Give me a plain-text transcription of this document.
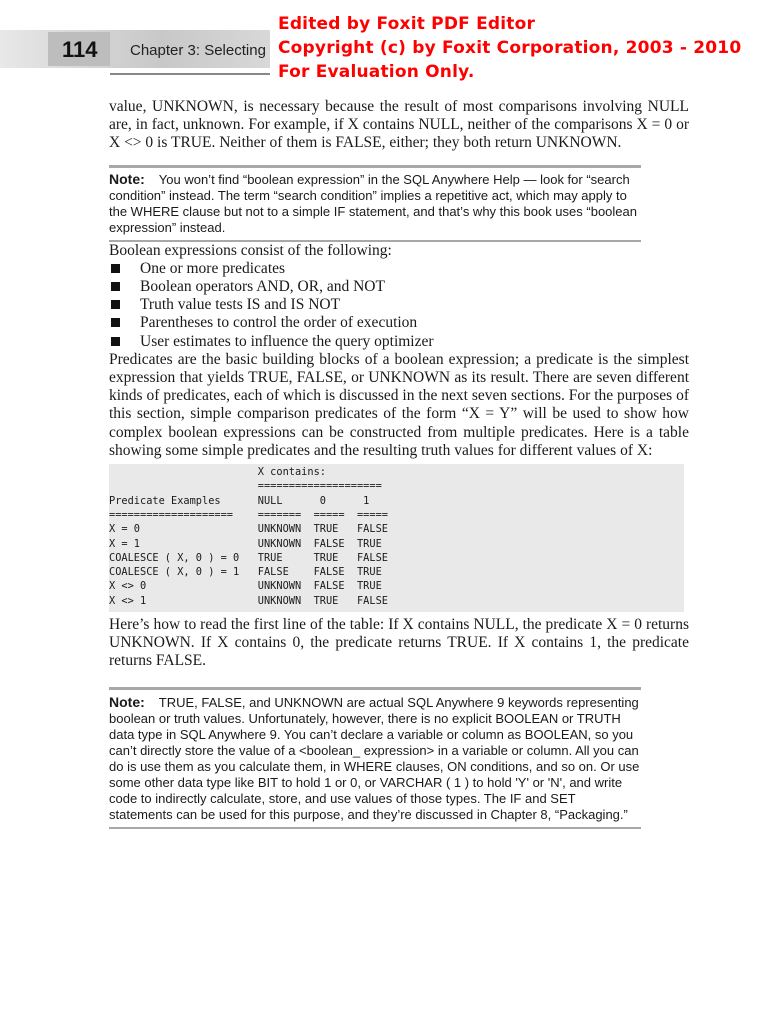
114 Chapter 3: Selecting
Edited by Foxit PDF Editor
Copyright (c) by Foxit Corporation, 2003 - 2010
For Evaluation Only.

value, UNKNOWN, is necessary because the result of most comparisons involving NULL are, in fact, unknown. For example, if X contains NULL, neither of the comparisons X = 0 or X <> 0 is TRUE. Neither of them is FALSE, either; they both return UNKNOWN.

Note: You won’t find “boolean expression” in the SQL Anywhere Help — look for “search condition” instead. The term “search condition” implies a repetitive act, which may apply to the WHERE clause but not to a simple IF statement, and that’s why this book uses “boolean expression” instead.

Boolean expressions consist of the following:

One or more predicates
Boolean operators AND, OR, and NOT
Truth value tests IS and IS NOT
Parentheses to control the order of execution
User estimates to influence the query optimizer

Predicates are the basic building blocks of a boolean expression; a predicate is the simplest expression that yields TRUE, FALSE, or UNKNOWN as its result. There are seven different kinds of predicates, each of which is discussed in the next seven sections. For the purposes of this section, simple comparison predicates of the form “X = Y” will be used to show how complex boolean expressions can be constructed from multiple predicates. Here is a table showing some simple predicates and the resulting truth values for different values of X:

X contains:
====================
Predicate Examples      NULL      0      1
====================    =======  =====  =====
X = 0                   UNKNOWN  TRUE   FALSE
X = 1                   UNKNOWN  FALSE  TRUE
COALESCE ( X, 0 ) = 0   TRUE     TRUE   FALSE
COALESCE ( X, 0 ) = 1   FALSE    FALSE  TRUE
X <> 0                  UNKNOWN  FALSE  TRUE
X <> 1                  UNKNOWN  TRUE   FALSE

Here’s how to read the first line of the table: If X contains NULL, the predicate X = 0 returns UNKNOWN. If X contains 0, the predicate returns TRUE. If X contains 1, the predicate returns FALSE.

Note: TRUE, FALSE, and UNKNOWN are actual SQL Anywhere 9 keywords representing boolean or truth values. Unfortunately, however, there is no explicit BOOLEAN or TRUTH data type in SQL Anywhere 9. You can’t declare a variable or column as BOOLEAN, so you can’t directly store the value of a <boolean_ expression> in a variable or column. All you can do is use them as you calculate them, in WHERE clauses, ON conditions, and so on. Or use some other data type like BIT to hold 1 or 0, or VARCHAR ( 1 ) to hold 'Y' or 'N', and write code to indirectly calculate, store, and use values of those types. The IF and SET statements can be used for this purpose, and they’re discussed in Chapter 8, “Packaging.”
